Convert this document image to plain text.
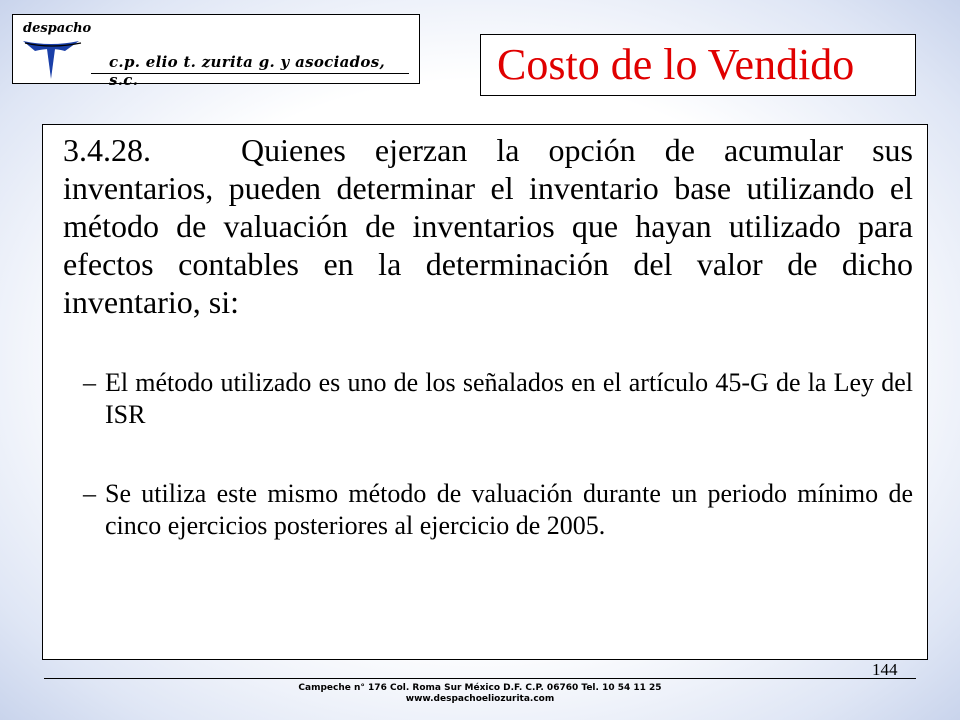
despacho
c.p. elio t. zurita g. y asociados, s.c.	Costo de lo Vendido
3.4.28.	Quienes ejerzan la opción de acumular sus inventarios, pueden determinar el inventario base utilizando el método de valuación de inventarios que hayan utilizado para efectos contables en la determinación del valor de dicho inventario, si:
– El método utilizado es uno de los señalados en el artículo 45-G de la Ley del ISR
– Se utiliza este mismo método de valuación durante un periodo mínimo de cinco ejercicios posteriores al ejercicio de 2005.
144
Campeche n° 176 Col. Roma Sur México D.F. C.P. 06760 Tel. 10 54 11 25
www.despachoeliozurita.com
